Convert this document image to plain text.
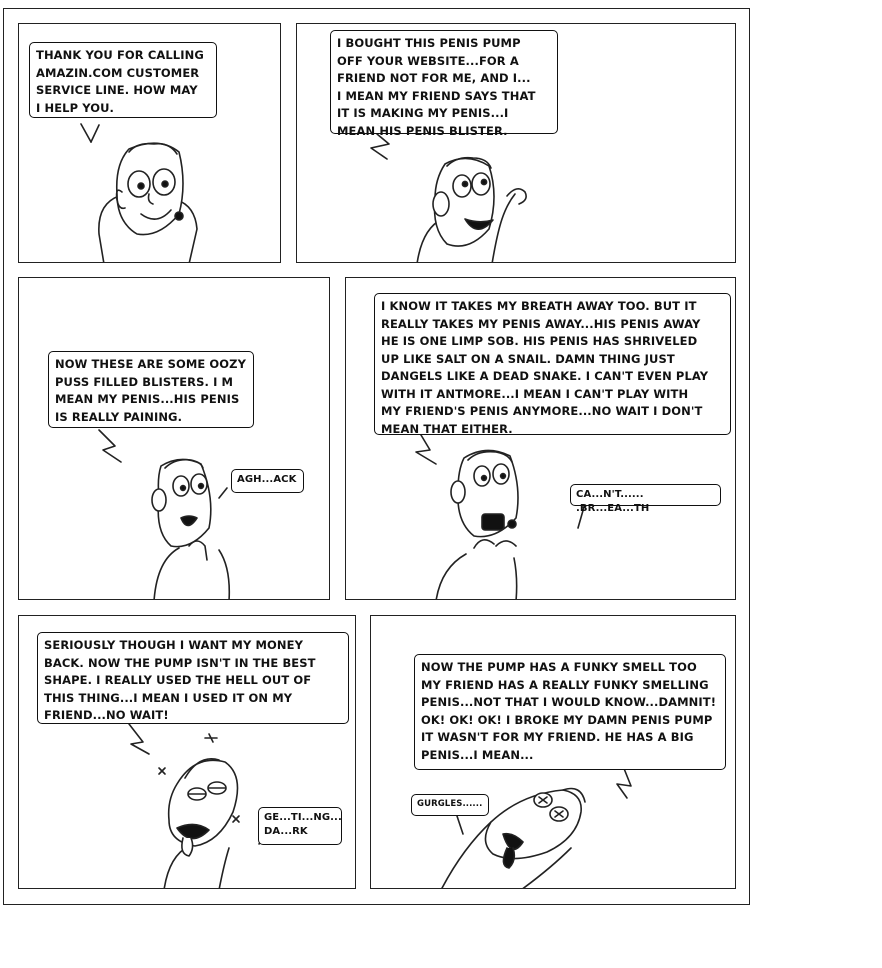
THANK YOU FOR CALLING
AMAZIN.COM CUSTOMER
SERVICE LINE. HOW MAY
I HELP YOU.
I BOUGHT THIS PENIS PUMP
OFF YOUR WEBSITE...FOR A
FRIEND NOT FOR ME, AND I...
I MEAN MY FRIEND SAYS THAT
IT IS MAKING MY PENIS...I
MEAN HIS PENIS BLISTER.
NOW THESE ARE SOME OOZY
PUSS FILLED BLISTERS. I M
MEAN MY PENIS...HIS PENIS
IS REALLY PAINING.
AGH...ACK
I KNOW IT TAKES MY BREATH AWAY TOO. BUT IT
REALLY TAKES MY PENIS AWAY...HIS PENIS AWAY
HE IS ONE LIMP SOB. HIS PENIS HAS SHRIVELED
UP LIKE SALT ON A SNAIL. DAMN THING JUST
DANGELS LIKE A DEAD SNAKE. I CAN'T EVEN PLAY
WITH IT ANTMORE...I MEAN I CAN'T PLAY WITH
MY FRIEND'S PENIS ANYMORE...NO WAIT I DON'T
MEAN THAT EITHER.
CA...N'T...... .BR...EA...TH
SERIOUSLY THOUGH I WANT MY MONEY
BACK. NOW THE PUMP ISN'T IN THE BEST
SHAPE. I REALLY USED THE HELL OUT OF
THIS THING...I MEAN I USED IT ON MY
FRIEND...NO WAIT!
GE...TI...NG...
DA...RK
NOW THE PUMP HAS A FUNKY SMELL TOO
MY FRIEND HAS A REALLY FUNKY SMELLING
PENIS...NOT THAT I WOULD KNOW...DAMNIT!
OK! OK! OK! I BROKE MY DAMN PENIS PUMP
IT WASN'T FOR MY FRIEND. HE HAS A BIG
PENIS...I MEAN...
GURGLES......
